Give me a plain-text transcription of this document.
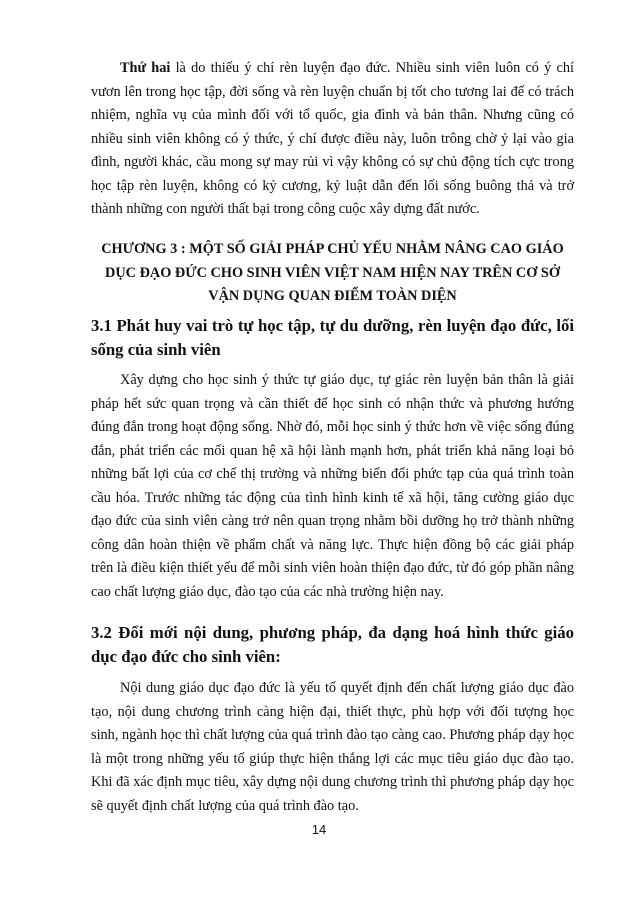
Thứ hai là do thiếu ý chí rèn luyện đạo đức. Nhiều sinh viên luôn có ý chí vươn lên trong học tập, đời sống và rèn luyện chuẩn bị tốt cho tương lai để có trách nhiệm, nghĩa vụ của mình đối với tổ quốc, gia đình và bản thân. Nhưng cũng có nhiều sinh viên không có ý thức, ý chí được điều này, luôn trông chờ ỷ lại vào gia đình, người khác, cầu mong sự may rủi vì vậy không có sự chủ động tích cực trong học tập rèn luyện, không có kỷ cương, kỷ luật dẫn đến lối sống buông thả và trở thành những con người thất bại trong công cuộc xây dựng đất nước.

CHƯƠNG 3 : MỘT SỐ GIẢI PHÁP CHỦ YẾU NHẰM NÂNG CAO GIÁO DỤC ĐẠO ĐỨC CHO SINH VIÊN VIỆT NAM HIỆN NAY TRÊN CƠ SỞ VẬN DỤNG QUAN ĐIỂM TOÀN DIỆN
3.1 Phát huy vai trò tự học tập, tự du dưỡng, rèn luyện đạo đức, lối sống của sinh viên

Xây dựng cho học sinh ý thức tự giáo dục, tự giác rèn luyện bản thân là giải pháp hết sức quan trọng và cần thiết để học sinh có nhận thức và phương hướng đúng đắn trong hoạt động sống. Nhờ đó, mỗi học sinh ý thức hơn về việc sống đúng đắn, phát triển các mối quan hệ xã hội lành mạnh hơn, phát triển khả năng loại bỏ những bất lợi của cơ chế thị trường và những biến đổi phức tạp của quá trình toàn cầu hóa. Trước những tác động của tình hình kinh tế xã hội, tăng cường giáo dục đạo đức của sinh viên càng trở nên quan trọng nhằm bồi dưỡng họ trở thành những công dân hoàn thiện về phẩm chất và năng lực. Thực hiện đồng bộ các giải pháp trên là điều kiện thiết yếu để mỗi sinh viên hoàn thiện đạo đức, từ đó góp phần nâng cao chất lượng giáo dục, đào tạo của các nhà trường hiện nay.

3.2 Đổi mới nội dung, phương pháp, đa dạng hoá hình thức giáo dục đạo đức cho sinh viên:

Nội dung giáo dục đạo đức là yếu tố quyết định đến chất lượng giáo dục đào tạo, nội dung chương trình càng hiện đại, thiết thực, phù hợp với đối tượng học sinh, ngành học thì chất lượng của quá trình đào tạo càng cao. Phương pháp dạy học là một trong những yếu tố giúp thực hiện thắng lợi các mục tiêu giáo dục đào tạo. Khi đã xác định mục tiêu, xây dựng nội dung chương trình thì phương pháp dạy học sẽ quyết định chất lượng của quá trình đào tạo.

14
